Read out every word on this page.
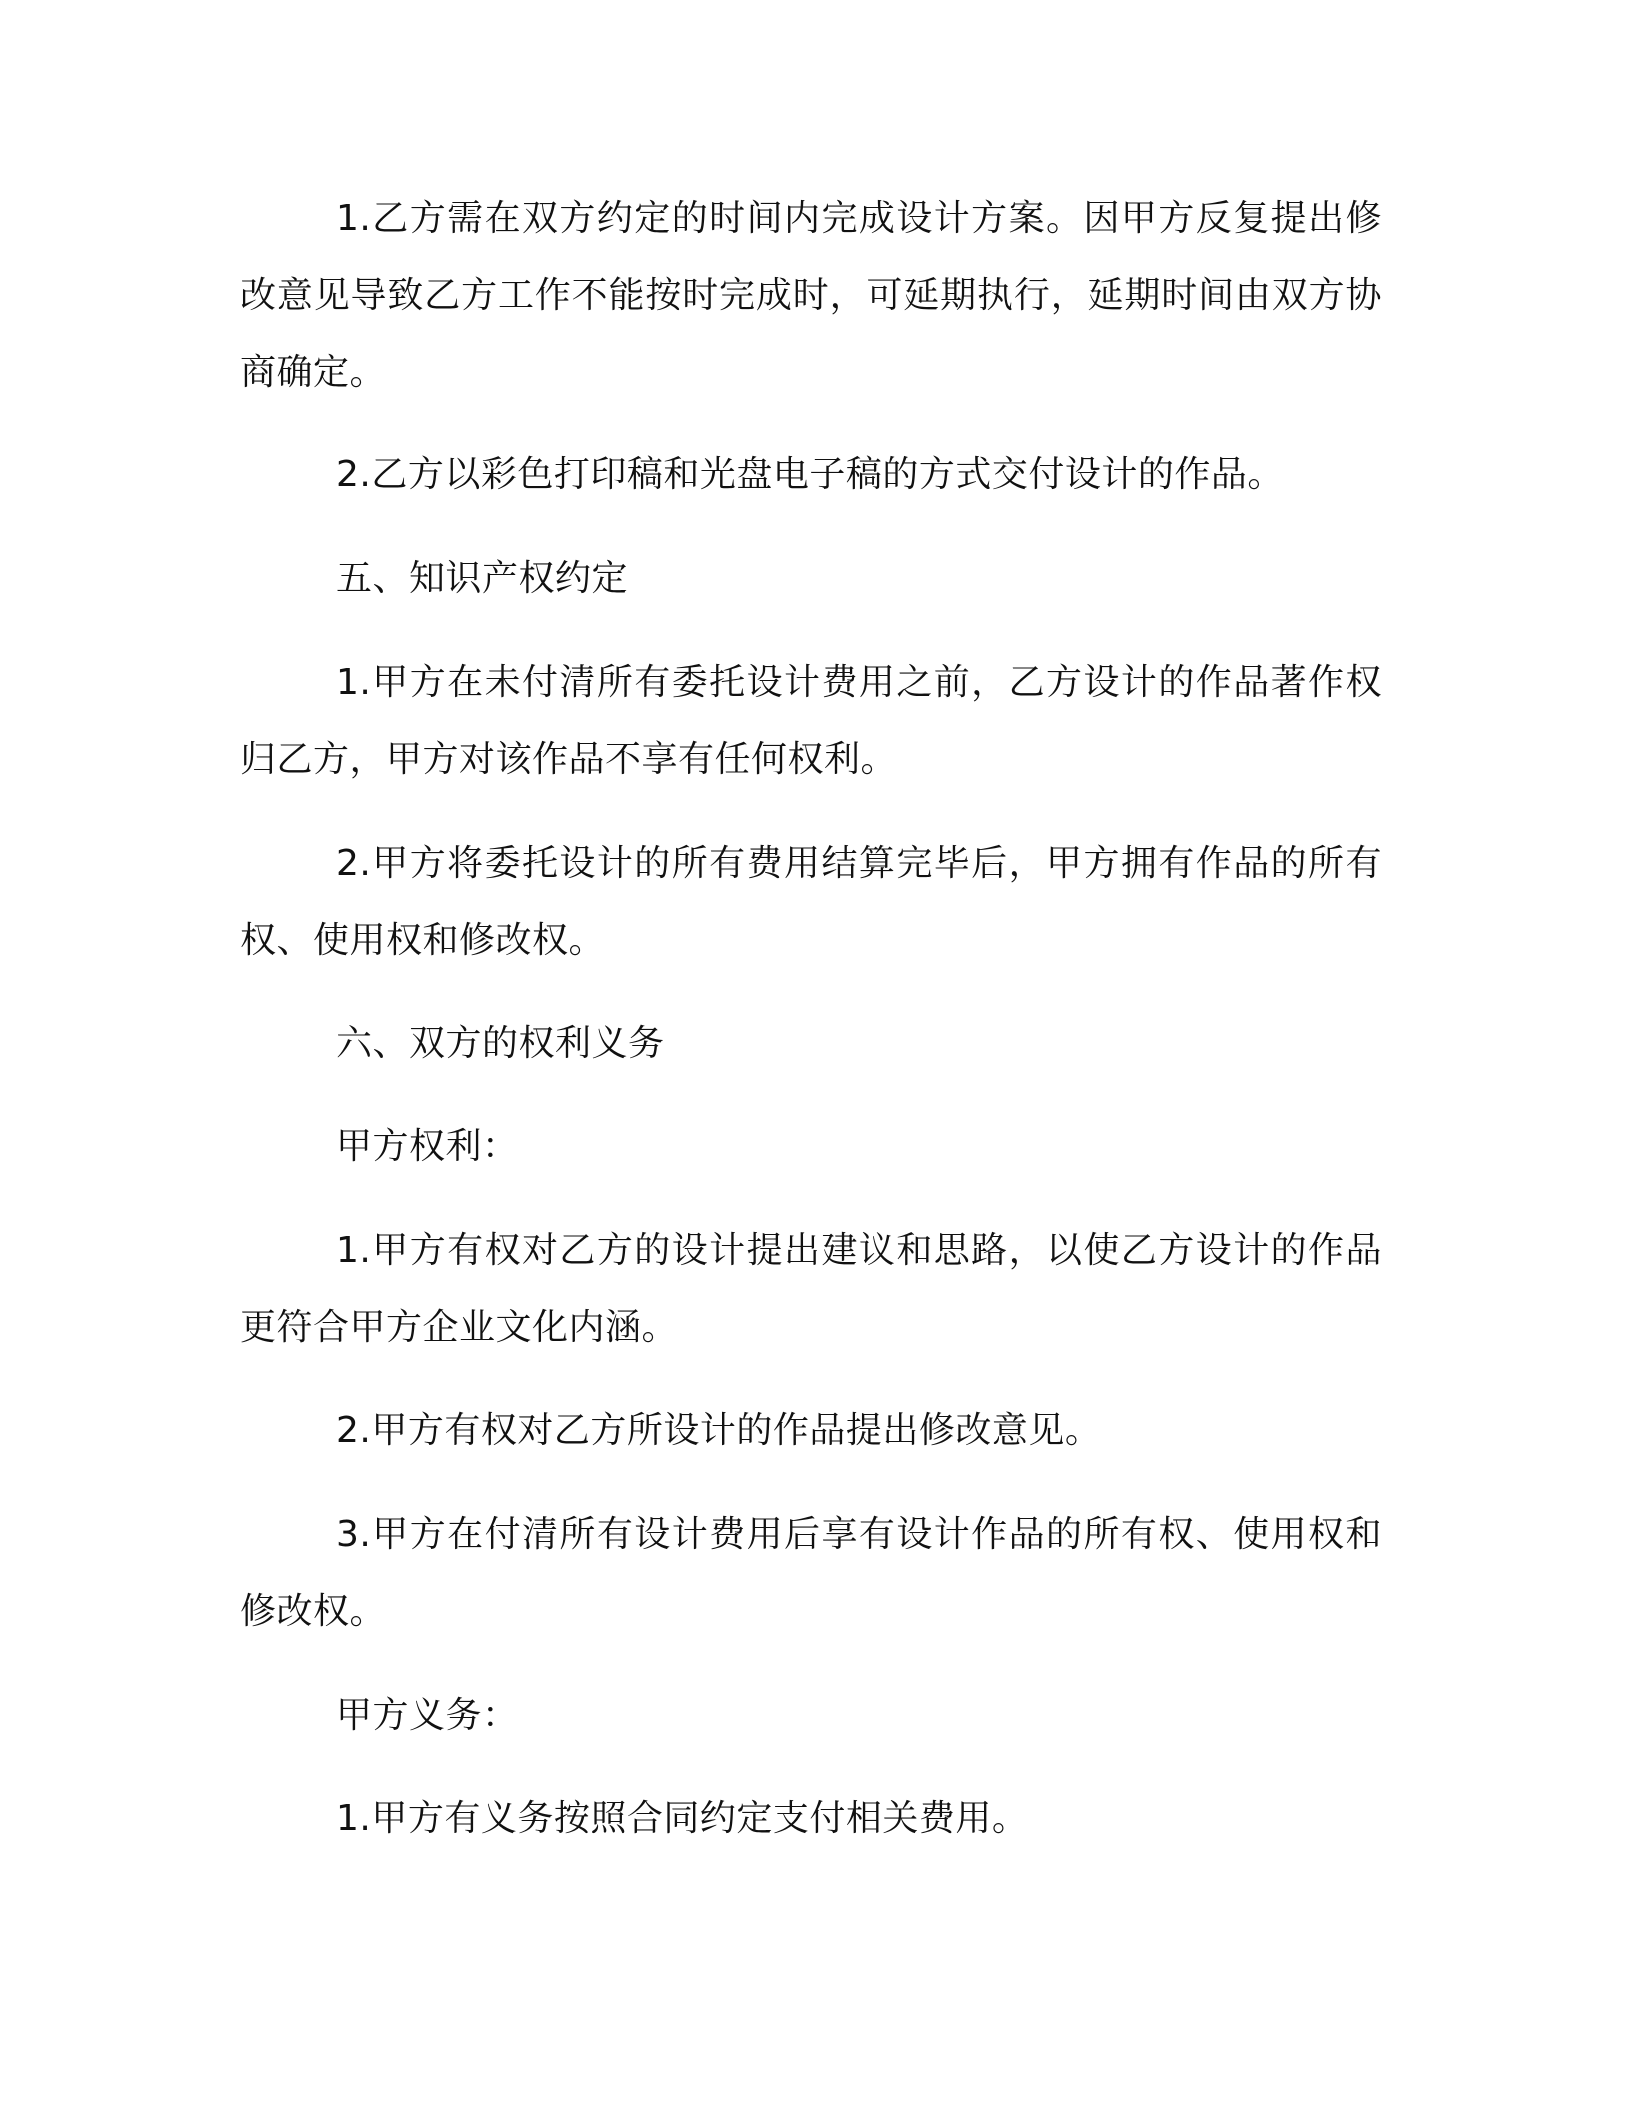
1.乙方需在双方约定的时间内完成设计方案。因甲方反复提出修改意见导致乙方工作不能按时完成时，可延期执行，延期时间由双方协商确定。

2.乙方以彩色打印稿和光盘电子稿的方式交付设计的作品。

五、知识产权约定

1.甲方在未付清所有委托设计费用之前，乙方设计的作品著作权归乙方，甲方对该作品不享有任何权利。

2.甲方将委托设计的所有费用结算完毕后，甲方拥有作品的所有权、使用权和修改权。

六、双方的权利义务

甲方权利：

1.甲方有权对乙方的设计提出建议和思路，以使乙方设计的作品更符合甲方企业文化内涵。

2.甲方有权对乙方所设计的作品提出修改意见。

3.甲方在付清所有设计费用后享有设计作品的所有权、使用权和修改权。

甲方义务：

1.甲方有义务按照合同约定支付相关费用。
